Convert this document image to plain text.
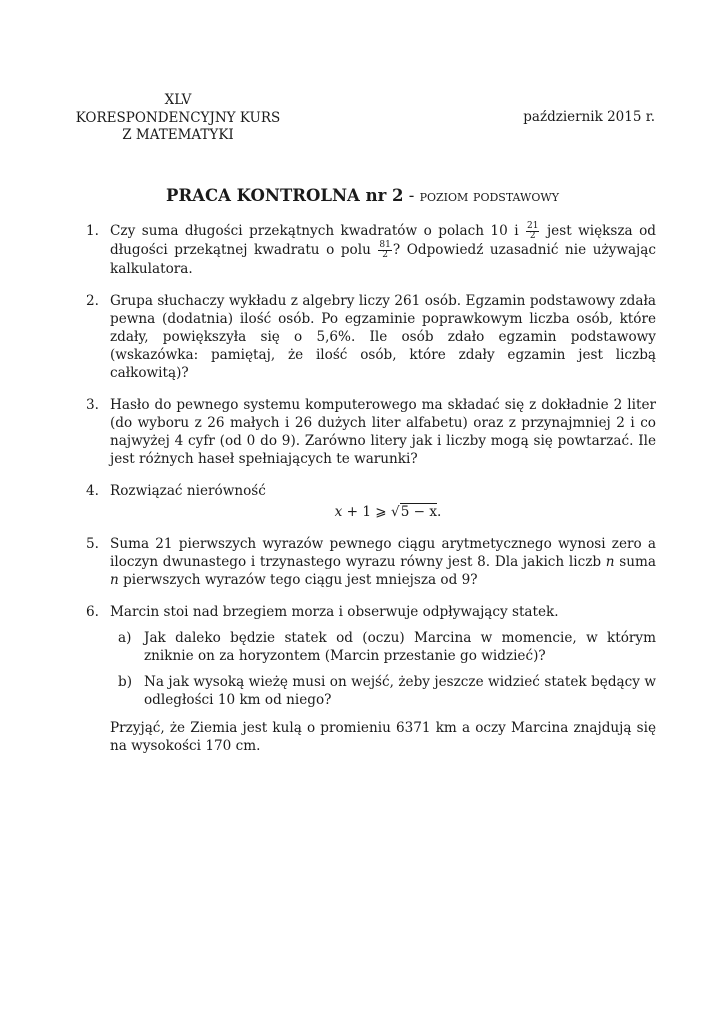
XLV
KORESPONDENCYJNY KURS
Z MATEMATYKI
październik 2015 r.
PRACA KONTROLNA nr 2 - poziom podstawowy
1. Czy suma długości przekątnych kwadratów o polach 10 i $\frac{21}{2}$ jest większa od długości przekątnej kwadratu o polu $\frac{81}{2}$ ? Odpowiedź uzasadnić nie używając kalkulatora.
2. Grupa słuchaczy wykładu z algebry liczy 261 osób. Egzamin podstawowy zdała pewna (dodatnia) ilość osób. Po egzaminie poprawkowym liczba osób, które zdały, powiększyła się o 5,6%. Ile osób zdało egzamin podstawowy (wskazówka: pamiętaj, że ilość osób, które zdały egzamin jest liczbą całkowitą)?
3. Hasło do pewnego systemu komputerowego ma składać się z dokładnie 2 liter (do wyboru z 26 małych i 26 dużych liter alfabetu) oraz z przynajmniej 2 i co najwyżej 4 cyfr (od 0 do 9). Zarówno litery jak i liczby mogą się powtarzać. Ile jest różnych haseł spełniających te warunki?
4. Rozwiązać nierówność
x + 1 ⩾ √5 − x.
5. Suma 21 pierwszych wyrazów pewnego ciągu arytmetycznego wynosi zero a iloczyn dwunastego i trzynastego wyrazu równy jest 8. Dla jakich liczb n suma n pierwszych wyrazów tego ciągu jest mniejsza od 9?
6. Marcin stoi nad brzegiem morza i obserwuje odpływający statek.
a) Jak daleko będzie statek od (oczu) Marcina w momencie, w którym zniknie on za horyzontem (Marcin przestanie go widzieć)?
b) Na jak wysoką wieżę musi on wejść, żeby jeszcze widzieć statek będący w odległości 10 km od niego?
Przyjąć, że Ziemia jest kulą o promieniu 6371 km a oczy Marcina znajdują się na wysokości 170 cm.
